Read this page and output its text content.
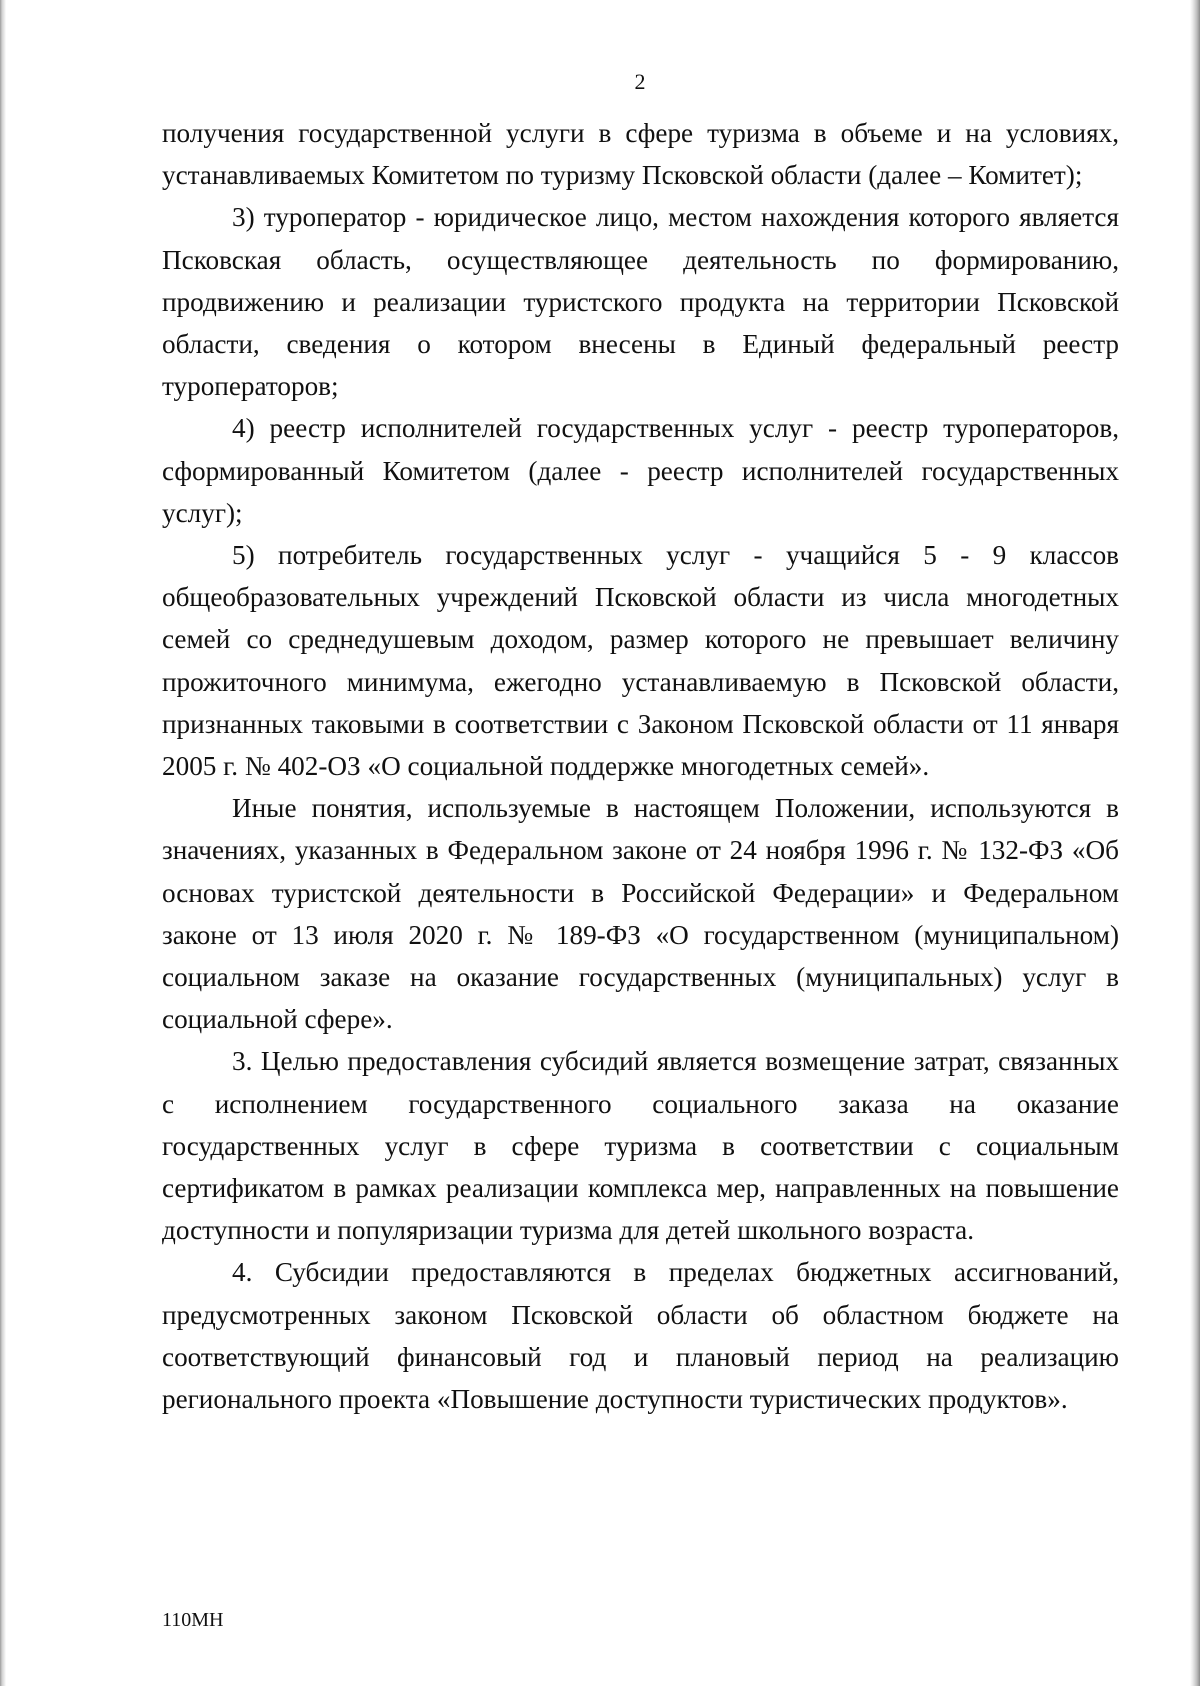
2

получения государственной услуги в сфере туризма в объеме и на условиях, устанавливаемых Комитетом по туризму Псковской области (далее – Комитет);

3) туроператор - юридическое лицо, местом нахождения которого является Псковская область, осуществляющее деятельность по формированию, продвижению и реализации туристского продукта на территории Псковской области, сведения о котором внесены в Единый федеральный реестр туроператоров;

4) реестр исполнителей государственных услуг - реестр туроператоров, сформированный Комитетом (далее - реестр исполнителей государственных услуг);

5) потребитель государственных услуг - учащийся 5 - 9 классов общеобразовательных учреждений Псковской области из числа многодетных семей со среднедушевым доходом, размер которого не превышает величину прожиточного минимума, ежегодно устанавливаемую в Псковской области, признанных таковыми в соответствии с Законом Псковской области от 11 января 2005 г. № 402-ОЗ «О социальной поддержке многодетных семей».

Иные понятия, используемые в настоящем Положении, используются в значениях, указанных в Федеральном законе от 24 ноября 1996 г. № 132-ФЗ «Об основах туристской деятельности в Российской Федерации» и Федеральном законе от 13 июля 2020 г. № 189-ФЗ «О государственном (муниципальном) социальном заказе на оказание государственных (муниципальных) услуг в социальной сфере».

3. Целью предоставления субсидий является возмещение затрат, связанных с исполнением государственного социального заказа на оказание государственных услуг в сфере туризма в соответствии с социальным сертификатом в рамках реализации комплекса мер, направленных на повышение доступности и популяризации туризма для детей школьного возраста.

4. Субсидии предоставляются в пределах бюджетных ассигнований, предусмотренных законом Псковской области об областном бюджете на соответствующий финансовый год и плановый период на реализацию регионального проекта «Повышение доступности туристических продуктов».

110МН
